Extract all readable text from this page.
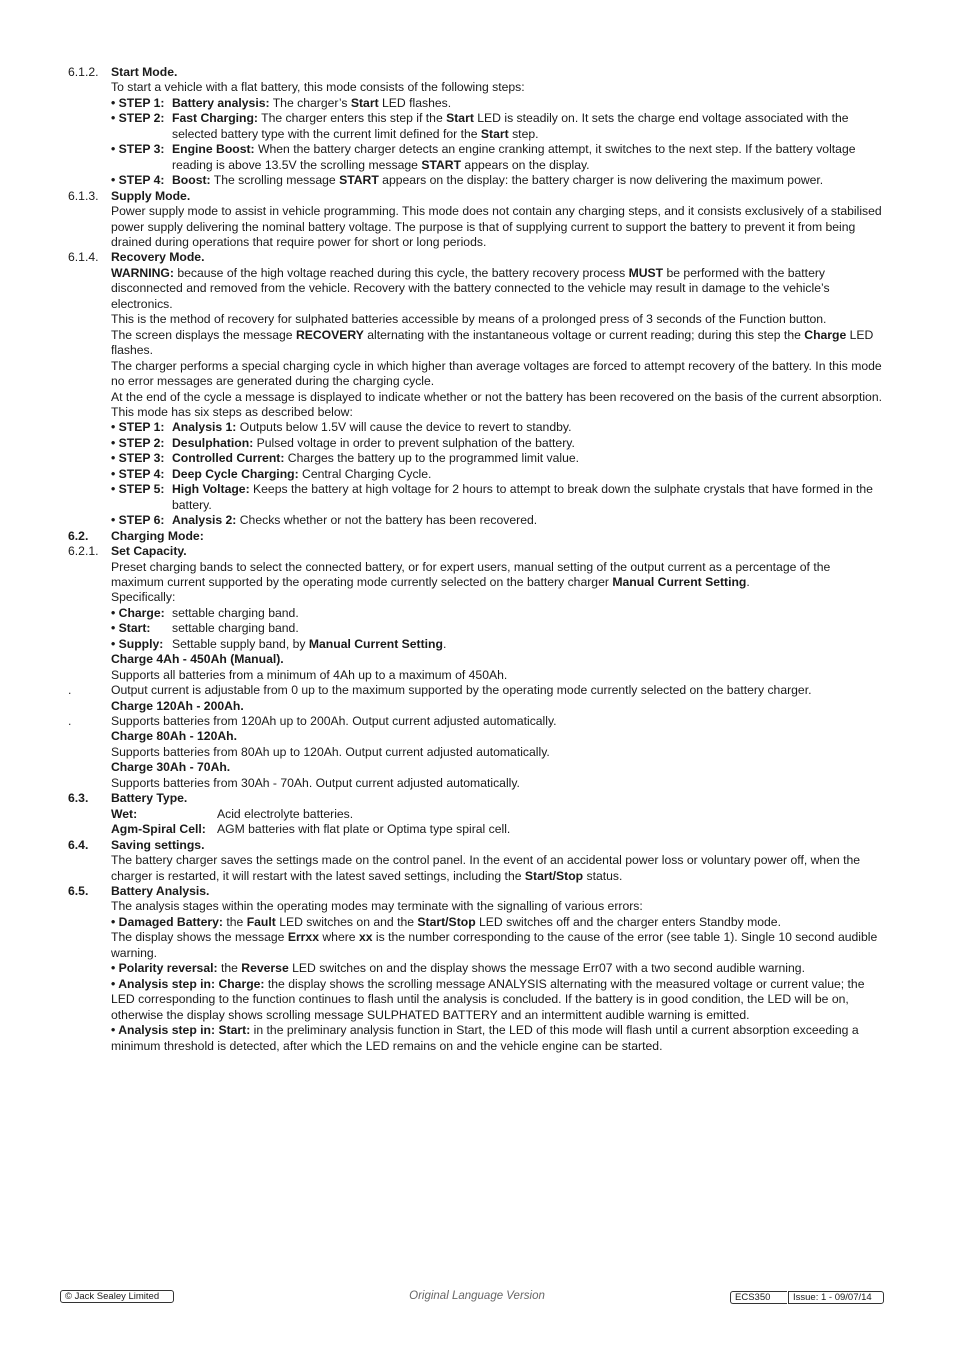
6.1.2. Start Mode.
To start a vehicle with a flat battery, this mode consists of the following steps:
• STEP 1: Battery analysis: The charger’s Start LED flashes.
• STEP 2: Fast Charging: The charger enters this step if the Start LED is steadily on. It sets the charge end voltage associated with the selected battery type with the current limit defined for the Start step.
• STEP 3: Engine Boost: When the battery charger detects an engine cranking attempt, it switches to the next step. If the battery voltage reading is above 13.5V the scrolling message START appears on the display.
• STEP 4: Boost: The scrolling message START appears on the display: the battery charger is now delivering the maximum power.
6.1.3. Supply Mode.
Power supply mode to assist in vehicle programming. This mode does not contain any charging steps, and it consists exclusively of a stabilised power supply delivering the nominal battery voltage. The purpose is that of supplying current to support the battery to prevent it from being drained during operations that require power for short or long periods.
6.1.4. Recovery Mode.
WARNING: because of the high voltage reached during this cycle, the battery recovery process MUST be performed with the battery disconnected and removed from the vehicle. Recovery with the battery connected to the vehicle may result in damage to the vehicle’s electronics.
This is the method of recovery for sulphated batteries accessible by means of a prolonged press of 3 seconds of the Function button.
The screen displays the message RECOVERY alternating with the instantaneous voltage or current reading; during this step the Charge LED flashes.
The charger performs a special charging cycle in which higher than average voltages are forced to attempt recovery of the battery. In this mode no error messages are generated during the charging cycle.
At the end of the cycle a message is displayed to indicate whether or not the battery has been recovered on the basis of the current absorption.
This mode has six steps as described below:
• STEP 1: Analysis 1: Outputs below 1.5V will cause the device to revert to standby.
• STEP 2: Desulphation: Pulsed voltage in order to prevent sulphation of the battery.
• STEP 3: Controlled Current: Charges the battery up to the programmed limit value.
• STEP 4: Deep Cycle Charging: Central Charging Cycle.
• STEP 5: High Voltage: Keeps the battery at high voltage for 2 hours to attempt to break down the sulphate crystals that have formed in the battery.
• STEP 6: Analysis 2: Checks whether or not the battery has been recovered.
6.2. Charging Mode:
6.2.1. Set Capacity.
Preset charging bands to select the connected battery, or for expert users, manual setting of the output current as a percentage of the maximum current supported by the operating mode currently selected on the battery charger Manual Current Setting.
Specifically:
• Charge: settable charging band.
• Start: settable charging band.
• Supply: Settable supply band, by Manual Current Setting.
Charge 4Ah - 450Ah (Manual).
Supports all batteries from a minimum of 4Ah up to a maximum of 450Ah.
.	Output current is adjustable from 0 up to the maximum supported by the operating mode currently selected on the battery charger.
Charge 120Ah - 200Ah.
.	Supports batteries from 120Ah up to 200Ah. Output current adjusted automatically.
Charge 80Ah - 120Ah.
Supports batteries from 80Ah up to 120Ah. Output current adjusted automatically.
Charge 30Ah - 70Ah.
Supports batteries from 30Ah - 70Ah. Output current adjusted automatically.
6.3. Battery Type.
Wet:	Acid electrolyte batteries.
Agm-Spiral Cell: AGM batteries with flat plate or Optima type spiral cell.
6.4. Saving settings.
The battery charger saves the settings made on the control panel. In the event of an accidental power loss or voluntary power off, when the charger is restarted, it will restart with the latest saved settings, including the Start/Stop status.
6.5. Battery Analysis.
The analysis stages within the operating modes may terminate with the signalling of various errors:
• Damaged Battery: the Fault LED switches on and the Start/Stop LED switches off and the charger enters Standby mode.
The display shows the message Errxx where xx is the number corresponding to the cause of the error (see table 1). Single 10 second audible warning.
• Polarity reversal: the Reverse LED switches on and the display shows the message Err07 with a two second audible warning.
• Analysis step in: Charge: the display shows the scrolling message ANALYSIS alternating with the measured voltage or current value; the LED corresponding to the function continues to flash until the analysis is concluded. If the battery is in good condition, the LED will be on, otherwise the display shows scrolling message SULPHATED BATTERY and an intermittent audible warning is emitted.
• Analysis step in: Start: in the preliminary analysis function in Start, the LED of this mode will flash until a current absorption exceeding a minimum threshold is detected, after which the LED remains on and the vehicle engine can be started.
© Jack Sealey Limited	Original Language Version	ECS350	Issue: 1 - 09/07/14
